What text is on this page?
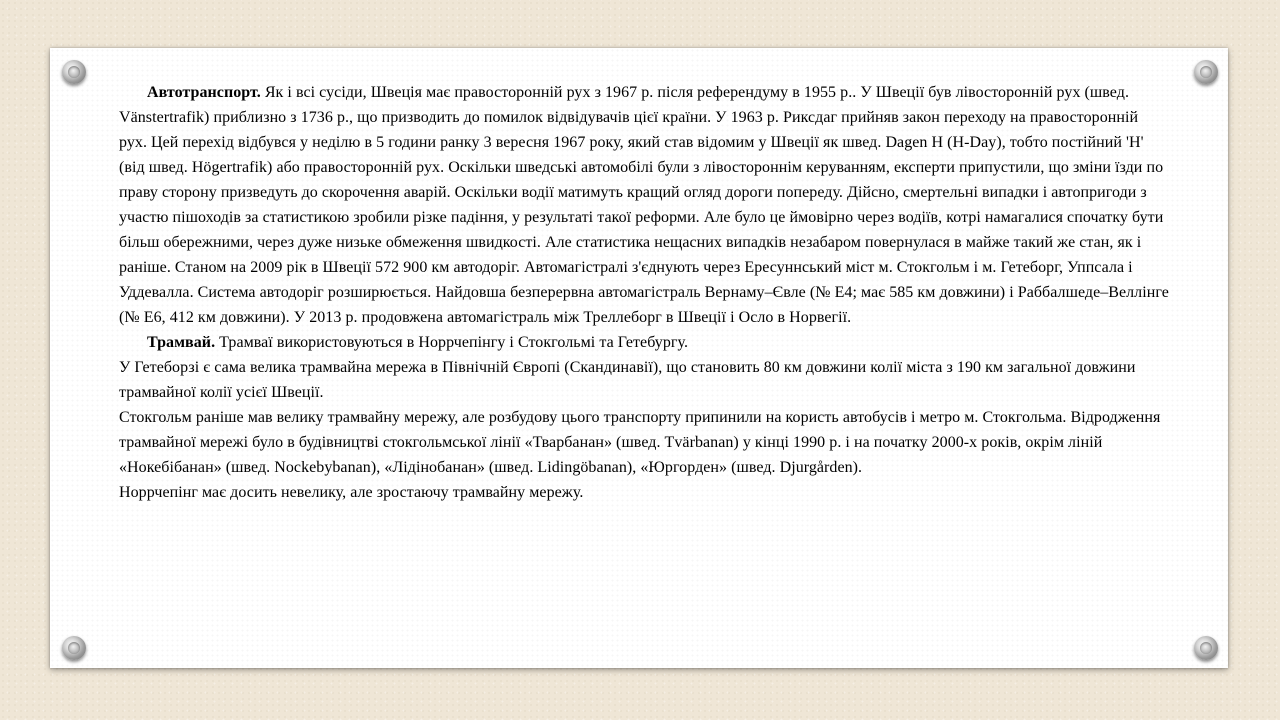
Автотранспорт. Як і всі сусіди, Швеція має правосторонній рух з 1967 р. після референдуму в 1955 р.. У Швеції був лівосторонній рух (швед. Vänstertrafik) приблизно з 1736 р., що призводить до помилок відвідувачів цієї країни. У 1963 р. Риксдаг прийняв закон переходу на правосторонній рух. Цей перехід відбувся у неділю в 5 години ранку 3 вересня 1967 року, який став відомим у Швеції як швед. Dagen H (H-Day), тобто постійний 'H' (від швед. Högertrafik) або правосторонній рух. Оскільки шведські автомобілі були з лівостороннім керуванням, експерти припустили, що зміни їзди по праву сторону призведуть до скорочення аварій. Оскільки водії матимуть кращий огляд дороги попереду. Дійсно, смертельні випадки і автопригоди з участю пішоходів за статистикою зробили різке падіння, у результаті такої реформи. Але було це ймовірно через водіїв, котрі намагалися спочатку бути більш обережними, через дуже низьке обмеження швидкості. Але статистика нещасних випадків незабаром повернулася в майже такий же стан, як і раніше. Станом на 2009 рік в Швеції 572 900 км автодоріг. Автомагістралі з'єднують через Ересуннський міст м. Стокгольм і м. Гетеборг, Уппсала і Уддевалла. Система автодоріг розширюється. Найдовша безперервна автомагістраль Вернаму–Євле (№ Е4; має 585 км довжини) і Раббалшеде–Веллінге (№ Е6, 412 км довжини). У 2013 р. продовжена автомагістраль між Треллеборг в Швеції і Осло в Норвегії.

Трамвай. Трамваї використовуються в Норрчепінгу і Стокгольмі та Гетебургу.

У Гетеборзі є сама велика трамвайна мережа в Північній Європі (Скандинавії), що становить 80 км довжини колії міста з 190 км загальної довжини трамвайної колії усієї Швеції.

Стокгольм раніше мав велику трамвайну мережу, але розбудову цього транспорту припинили на користь автобусів і метро м. Стокгольма. Відродження трамвайної мережі було в будівництві стокгольмської лінії «Тварбанан» (швед. Tvärbanan) у кінці 1990 р. і на початку 2000-х років, окрім ліній «Нокебібанан» (швед. Nockebybanan), «Лідінобанан» (швед. Lidingöbanan), «Юргорден» (швед. Djurgården).

Норрчепінг має досить невелику, але зростаючу трамвайну мережу.
